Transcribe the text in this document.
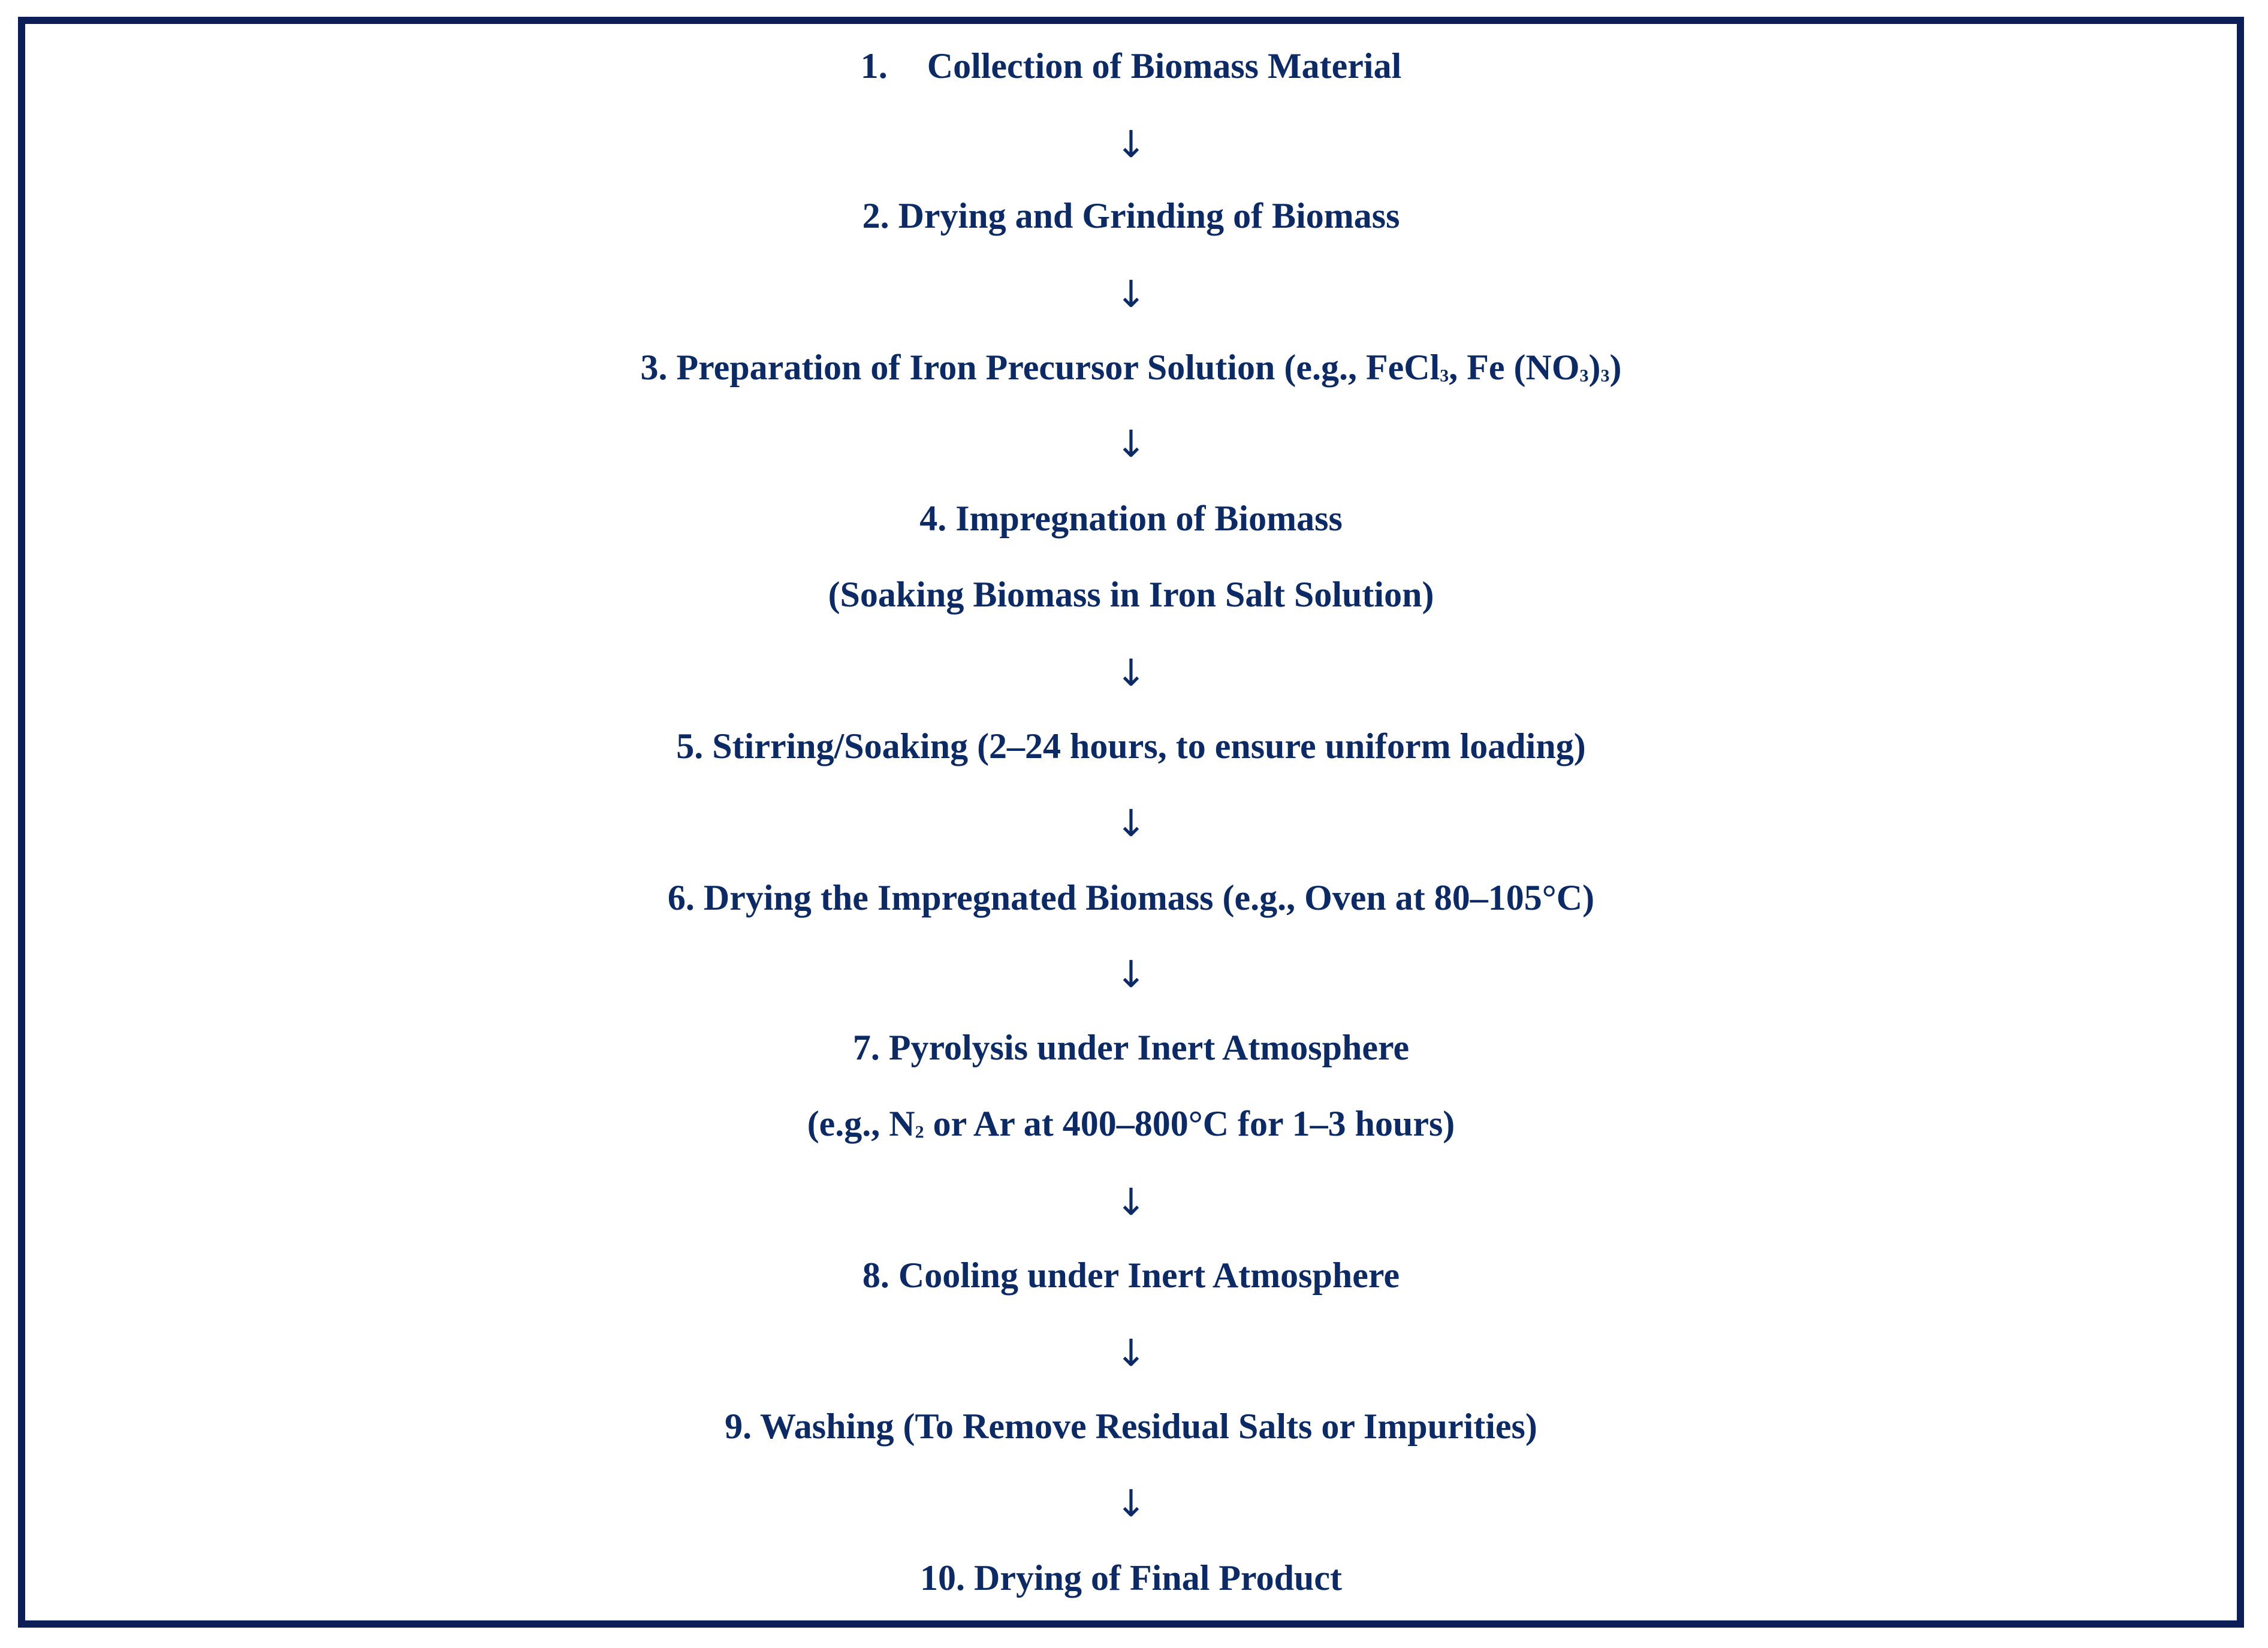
1. Collection of Biomass Material
↓
2. Drying and Grinding of Biomass
↓
3. Preparation of Iron Precursor Solution (e.g., FeCl$_3$, Fe $(NO_3)_3$)
↓
4. Impregnation of Biomass
(Soaking Biomass in Iron Salt Solution)
↓
5. Stirring/Soaking (2–24 hours, to ensure uniform loading)
↓
6. Drying the Impregnated Biomass (e.g., Oven at 80–105°C)
↓
7. Pyrolysis under Inert Atmosphere
(e.g., $N_2$ or Ar at 400–800°C for 1–3 hours)
↓
8. Cooling under Inert Atmosphere
↓
9. Washing (To Remove Residual Salts or Impurities)
↓
10. Drying of Final Product
